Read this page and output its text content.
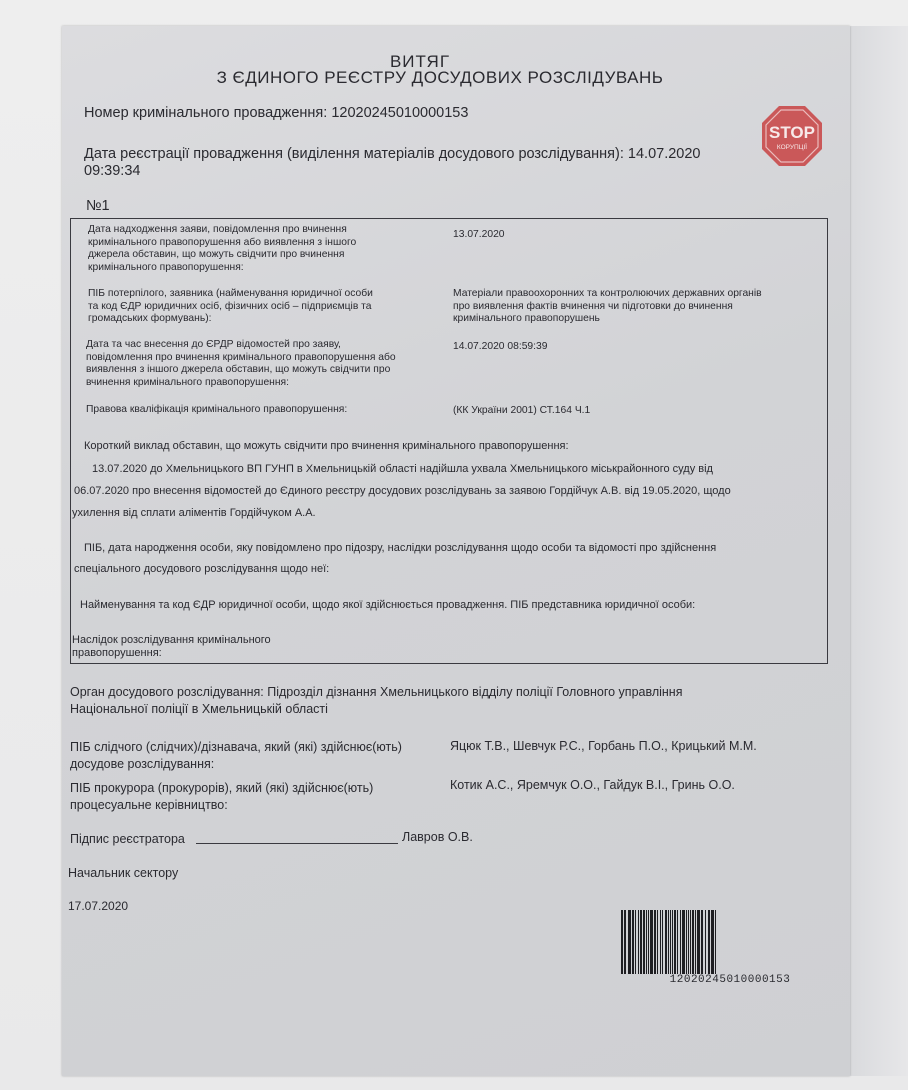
ВИТЯГ
З ЄДИНОГО РЕЄСТРУ ДОСУДОВИХ РОЗСЛІДУВАНЬ
STOP
КОРУПЦІЇ
Номер кримінального провадження: 12020245010000153
Дата реєстрації провадження (виділення матеріалів досудового розслідування): 14.07.2020
09:39:34
№1
Дата надходження заяви, повідомлення про вчинення
кримінального правопорушення або виявлення з іншого
джерела обставин, що можуть свідчити про вчинення
кримінального правопорушення:
13.07.2020
ПІБ потерпілого, заявника (найменування юридичної особи
та код ЄДР юридичних осіб, фізичних осіб – підприємців та
громадських формувань):
Матеріали правоохоронних та контролюючих державних органів
про виявлення фактів вчинення чи підготовки до вчинення
кримінального правопорушень
Дата та час внесення до ЄРДР відомостей про заяву,
повідомлення про вчинення кримінального правопорушення або
виявлення з іншого джерела обставин, що можуть свідчити про
вчинення кримінального правопорушення:
14.07.2020 08:59:39
Правова кваліфікація кримінального правопорушення:	(КК України 2001) СТ.164 Ч.1
Короткий виклад обставин, що можуть свідчити про вчинення кримінального правопорушення:
13.07.2020 до Хмельницького ВП ГУНП в Хмельницькій області надійшла ухвала Хмельницького міськрайонного суду від
06.07.2020 про внесення відомостей до Єдиного реєстру досудових розслідувань за заявою Гордійчук А.В. від 19.05.2020, щодо
ухилення від сплати аліментів Гордійчуком А.А.
ПІБ, дата народження особи, яку повідомлено про підозру, наслідки розслідування щодо особи та відомості про здійснення
спеціального досудового розслідування щодо неї:
Найменування та код ЄДР юридичної особи, щодо якої здійснюється провадження. ПІБ представника юридичної особи:
Наслідок розслідування кримінального
правопорушення:
Орган досудового розслідування: Підрозділ дізнання Хмельницького відділу поліції Головного управління
Національної поліції в Хмельницькій області
ПІБ слідчого (слідчих)/дізнавача, який (які) здійснює(ють)
досудове розслідування:
Яцюк Т.В., Шевчук Р.С., Горбань П.О., Крицький М.М.
ПІБ прокурора (прокурорів), який (які) здійснює(ють)
процесуальне керівництво:
Котик А.С., Яремчук О.О., Гайдук В.І., Гринь О.О.
Підпис реєстратора	Лавров О.В.
Начальник сектору
17.07.2020
12020245010000153
